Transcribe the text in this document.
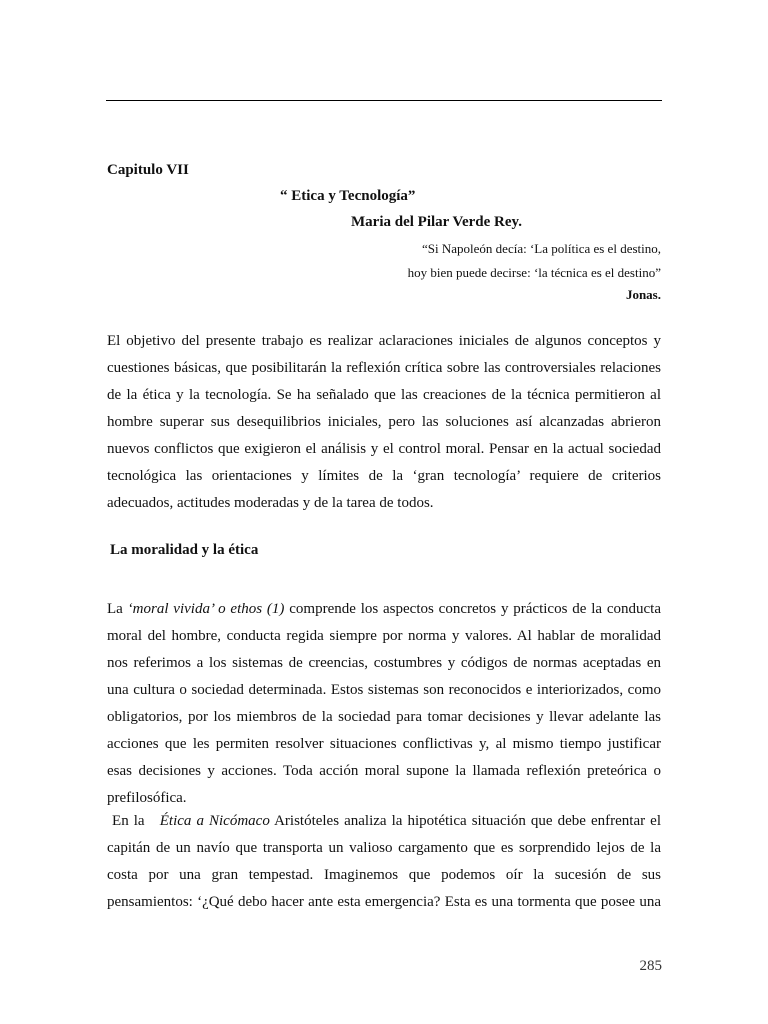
Capitulo VII
“ Etica y Tecnología”
Maria del Pilar Verde Rey.
“Si Napoleón decía: ‘La política es el destino,
hoy bien puede decirse: ‘la técnica es el destino”
Jonas.
El objetivo del presente trabajo es realizar aclaraciones iniciales de algunos conceptos y
cuestiones básicas, que posibilitarán la reflexión crítica sobre las controversiales relaciones
de la ética y la tecnología. Se ha señalado que las creaciones de la técnica permitieron al
hombre superar sus desequilibrios iniciales, pero las soluciones así alcanzadas abrieron
nuevos conflictos que exigieron el análisis y el control moral. Pensar en la actual sociedad
tecnológica las orientaciones y límites de la ‘gran tecnología’ requiere de criterios
adecuados, actitudes moderadas y de la tarea de todos.
La moralidad y la ética
La ‘moral vivida’ o ethos (1) comprende los aspectos concretos y prácticos de la conducta
moral del hombre, conducta regida siempre por norma y valores. Al hablar de moralidad
nos referimos a los sistemas de creencias, costumbres y códigos de normas aceptadas en
una cultura o sociedad determinada. Estos sistemas son reconocidos e interiorizados, como
obligatorios, por los miembros de la sociedad para tomar decisiones y llevar adelante las
acciones que les permiten resolver situaciones conflictivas y, al mismo tiempo justificar
esas decisiones y acciones. Toda acción moral supone la llamada reflexión preteórica o
prefilosófica.
En la   Ética a Nicómaco Aristóteles analiza la hipotética situación que debe enfrentar el
capitán de un navío que transporta un valioso cargamento que es sorprendido lejos de la
costa por una gran tempestad. Imaginemos que podemos oír la sucesión de sus
pensamientos: ‘¿Qué debo hacer ante esta emergencia? Esta es una tormenta que posee una
285
